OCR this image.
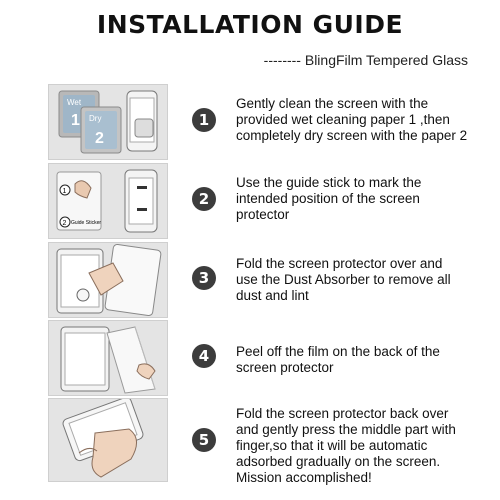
INSTALLATION GUIDE
-------- BlingFilm Tempered Glass
Wet
1 Dry
2
1
Gently clean the screen with the
provided wet cleaning paper 1 ,then
completely dry screen with the paper 2
1
2 Guide Sticker
2
Use the guide stick to mark the
intended position of the screen
protector
3
Fold the screen protector over and
use the Dust Absorber to remove all
dust and lint
4	Peel off the film on the back of the
screen protector
5
Fold the screen protector back over
and gently press the middle part with
finger,so that it will be automatic
adsorbed gradually on the screen.
Mission accomplished!
